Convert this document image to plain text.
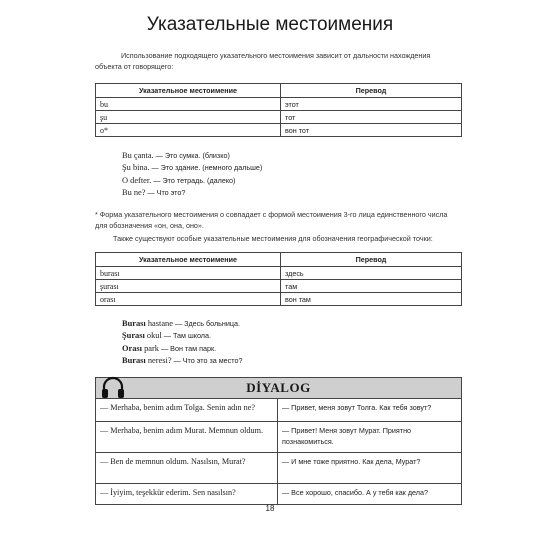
Указательные местоимения
Использование подходящего указательного местоимения зависит от дальности нахождения объекта от говорящего:
Указательное местоимение	Перевод
bu	этот
şu	тот
o*	вон тот
Bu çanta. — Это сумка. (близко)
Şu bina. — Это здание. (немного дальше)
O defter. — Это тетрадь. (далеко)
Bu ne? — Что это?
* Форма указательного местоимения о совпадает с формой местоимения 3-го лица единственного числа для обозначения «он, она, оно».
Также существуют особые указательные местоимения для обозначения географической точки:
Указательное местоимение	Перевод
burası	здесь
şurası	там
orası	вон там
Burası hastane — Здесь больница.
Şurası okul — Там школа.
Orası park — Вон там парк.
Burası neresi? — Что это за место?
DİYALOG
— Merhaba, benim adım Tolga. Senin adın ne?	— Привет, меня зовут Толга. Как тебя зовут?
— Merhaba, benim adım Murat. Memnun oldum.	— Привет! Меня зовут Мурат. Приятно познакомиться.
— Ben de memnun oldum. Nasılsın, Murat?	— И мне тоже приятно. Как дела, Мурат?
— İyiyim, teşekkür ederim. Sen nasılsın?	— Все хорошо, спасибо. А у тебя как дела?
18
